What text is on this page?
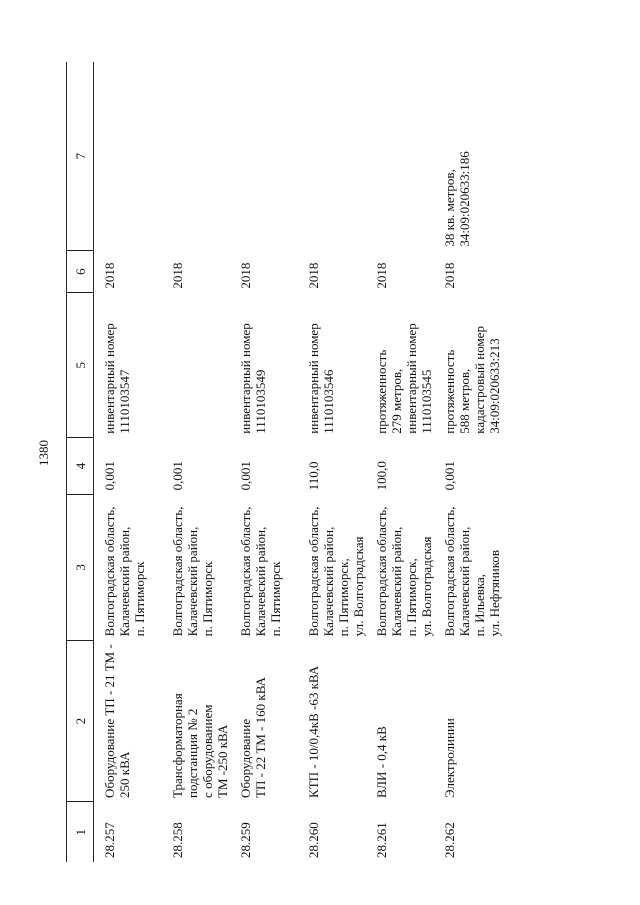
1380
1	2	3	4	5	6	7
28.257	Оборудование ТП - 21 ТМ - 250 кВА	Волгоградская область, Калачевский район, п. Пятиморск	0,001	инвентарный номер 1110103547	2018	
28.258	Трансформаторная подстанция № 2 с оборудованием ТМ -250 кВА	Волгоградская область, Калачевский район, п. Пятиморск	0,001		2018	
28.259	Оборудование ТП - 22 ТМ - 160 кВА	Волгоградская область, Калачевский район, п. Пятиморск	0,001	инвентарный номер 1110103549	2018	
28.260	КТП - 10/0,4кВ -63 кВА	Волгоградская область, Калачевский район, п. Пятиморск, ул. Волгоградская	110,0	инвентарный номер 1110103546	2018	
28.261	ВЛИ - 0,4 кВ	Волгоградская область, Калачевский район, п. Пятиморск, ул. Волгоградская	100,0	протяженность 279 метров, инвентарный номер 1110103545	2018	
28.262	Электролинии	Волгоградская область, Калачевский район, п. Ильевка, ул. Нефтяников	0,001	протяженность 588 метров, кадастровый номер 34:09:020633:213	2018	38 кв. метров, 34:09:020633:186
